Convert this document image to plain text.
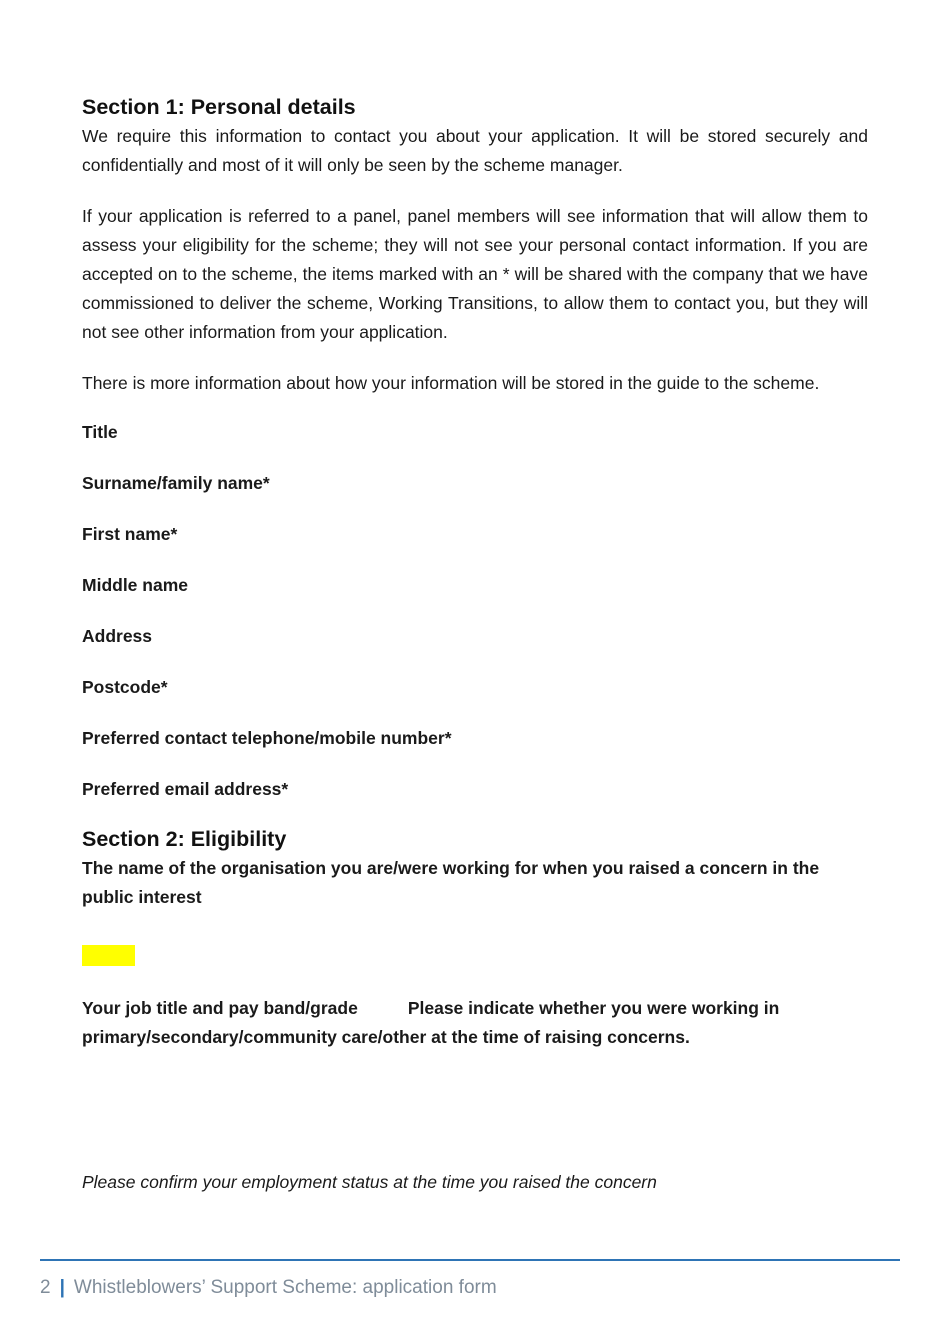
Section 1: Personal details

We require this information to contact you about your application. It will be stored securely and confidentially and most of it will only be seen by the scheme manager.

If your application is referred to a panel, panel members will see information that will allow them to assess your eligibility for the scheme; they will not see your personal contact information. If you are accepted on to the scheme, the items marked with an * will be shared with the company that we have commissioned to deliver the scheme, Working Transitions, to allow them to contact you, but they will not see other information from your application.

There is more information about how your information will be stored in the guide to the scheme.

Title
Surname/family name*
First name*
Middle name
Address
Postcode*
Preferred contact telephone/mobile number*
Preferred email address*
Section 2: Eligibility

The name of the organisation you are/were working for when you raised a concern in the public interest

Your job title and pay band/grade	Please indicate whether you were working in primary/secondary/community care/other at the time of raising concerns.

Please confirm your employment status at the time you raised the concern

2 | Whistleblowers’ Support Scheme: application form
